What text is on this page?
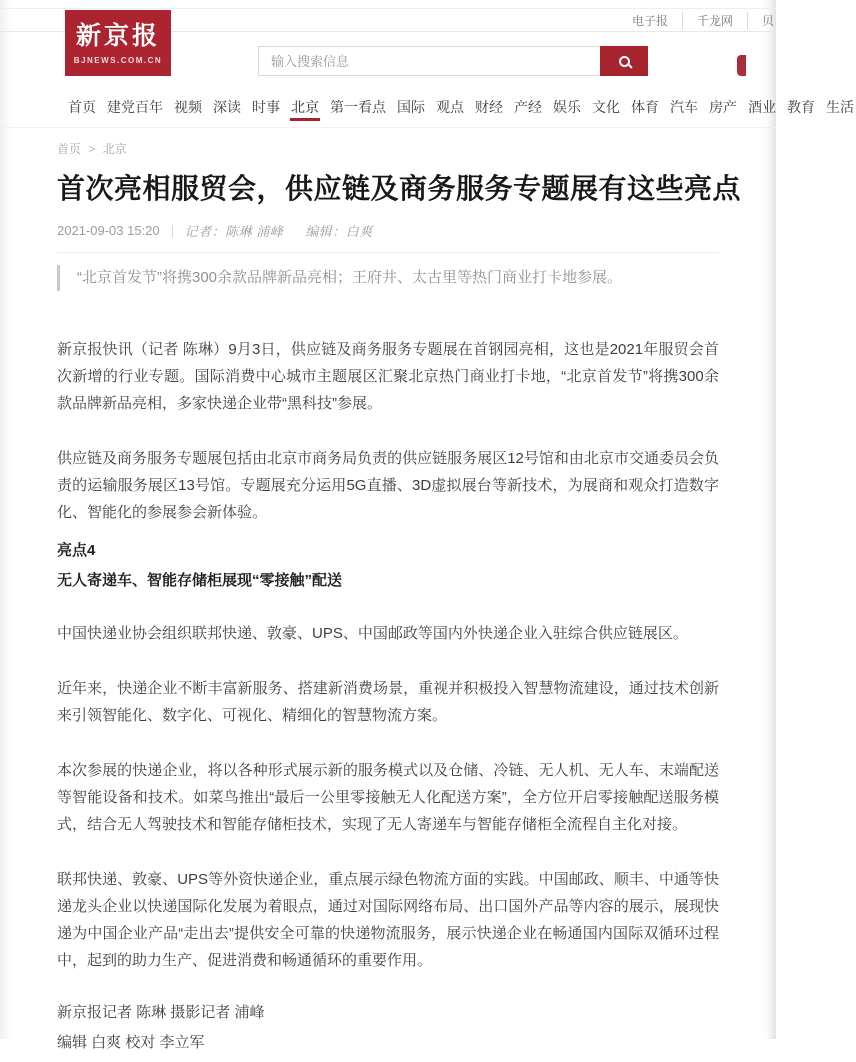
电子报	千龙网	贝
新京报
BJNEWS.COM.CN
输入搜索信息
首页 建党百年 视频 深读 时事 北京 第一看点 国际 观点 财经 产经 娱乐 文化 体育 汽车 房产 酒业 教育 生活
首页 > 北京
首次亮相服贸会，供应链及商务服务专题展有这些亮点
2021-09-03 15:20 记者：陈琳 浦峰 编辑：白爽
“北京首发节”将携300余款品牌新品亮相；王府井、太古里等热门商业打卡地参展。

新京报快讯（记者 陈琳）9月3日，供应链及商务服务专题展在首钢园亮相，这也是2021年服贸会首次新增的行业专题。国际消费中心城市主题展区汇聚北京热门商业打卡地，“北京首发节”将携300余款品牌新品亮相，多家快递企业带“黑科技”参展。

供应链及商务服务专题展包括由北京市商务局负责的供应链服务展区12号馆和由北京市交通委员会负责的运输服务展区13号馆。专题展充分运用5G直播、3D虚拟展台等新技术，为展商和观众打造数字化、智能化的参展参会新体验。

亮点4
无人寄递车、智能存储柜展现“零接触”配送

中国快递业协会组织联邦快递、敦豪、UPS、中国邮政等国内外快递企业入驻综合供应链展区。

近年来，快递企业不断丰富新服务、搭建新消费场景，重视并积极投入智慧物流建设，通过技术创新来引领智能化、数字化、可视化、精细化的智慧物流方案。

本次参展的快递企业，将以各种形式展示新的服务模式以及仓储、冷链、无人机、无人车、末端配送等智能设备和技术。如菜鸟推出“最后一公里零接触无人化配送方案”，全方位开启零接触配送服务模式，结合无人驾驶技术和智能存储柜技术，实现了无人寄递车与智能存储柜全流程自主化对接。

联邦快递、敦豪、UPS等外资快递企业，重点展示绿色物流方面的实践。中国邮政、顺丰、中通等快递龙头企业以快递国际化发展为着眼点，通过对国际网络布局、出口国外产品等内容的展示，展现快递为中国企业产品“走出去”提供安全可靠的快递物流服务，展示快递企业在畅通国内国际双循环过程中，起到的助力生产、促进消费和畅通循环的重要作用。

新京报记者 陈琳 摄影记者 浦峰

编辑 白爽 校对 李立军
